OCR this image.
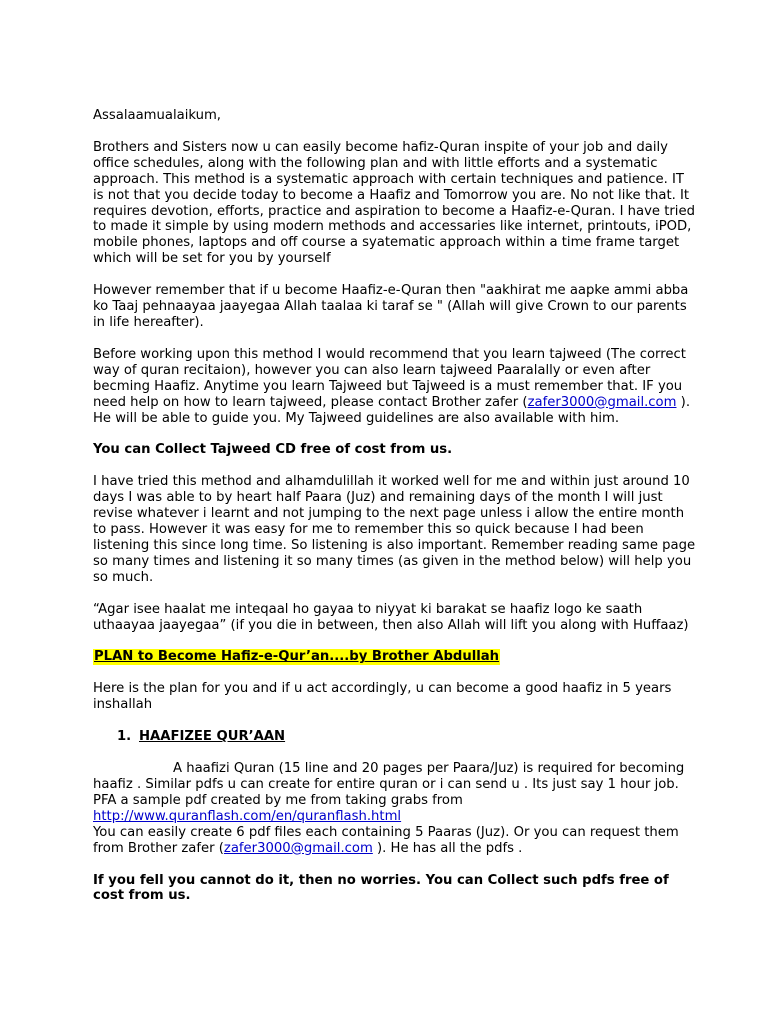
Assalaamualaikum,

Brothers and Sisters now u can easily become hafiz-Quran inspite of your job and daily office schedules, along with the following plan and with little efforts and a systematic approach. This method is a systematic approach with certain techniques and patience. IT is not that you decide today to become a Haafiz and Tomorrow you are. No not like that. It requires devotion, efforts, practice and aspiration to become a Haafiz-e-Quran. I have tried to made it simple by using modern methods and accessaries like internet, printouts, iPOD, mobile phones, laptops and off course a syatematic approach within a time frame target which will be set for you by yourself

However remember that if u become Haafiz-e-Quran then "aakhirat me aapke ammi abba ko Taaj pehnaayaa jaayegaa Allah taalaa ki taraf se " (Allah will give Crown to our parents in life hereafter).

Before working upon this method I would recommend that you learn tajweed (The correct way of quran recitaion), however you can also learn tajweed Paaralally or even after becming Haafiz. Anytime you learn Tajweed but Tajweed is a must remember that. IF you need help on how to learn tajweed, please contact Brother zafer (zafer3000@gmail.com ). He will be able to guide you. My Tajweed guidelines are also available with him.

You can Collect Tajweed CD free of cost from us.

I have tried this method and alhamdulillah it worked well for me and within just around 10 days I was able to by heart half Paara (Juz) and remaining days of the month I will just revise whatever i learnt and not jumping to the next page unless i allow the entire month to pass. However it was easy for me to remember this so quick because I had been listening this since long time. So listening is also important. Remember reading same page so many times and listening it so many times (as given in the method below) will help you so much.

“Agar isee haalat me inteqaal ho gayaa to niyyat ki barakat se haafiz logo ke saath uthaayaa jaayegaa” (if you die in between, then also Allah will lift you along with Huffaaz)

PLAN to Become Hafiz-e-Qur’an....by Brother Abdullah

Here is the plan for you and if u act accordingly, u can become a good haafiz in 5 years inshallah

1. HAAFIZEE QUR’AAN

A haafizi Quran (15 line and 20 pages per Paara/Juz) is required for becoming haafiz . Similar pdfs u can create for entire quran or i can send u . Its just say 1 hour job. PFA a sample pdf created by me from taking grabs from
http://www.quranflash.com/en/quranflash.html

You can easily create 6 pdf files each containing 5 Paaras (Juz). Or you can request them from Brother zafer (zafer3000@gmail.com ). He has all the pdfs .

If you fell you cannot do it, then no worries. You can Collect such pdfs free of cost from us.
